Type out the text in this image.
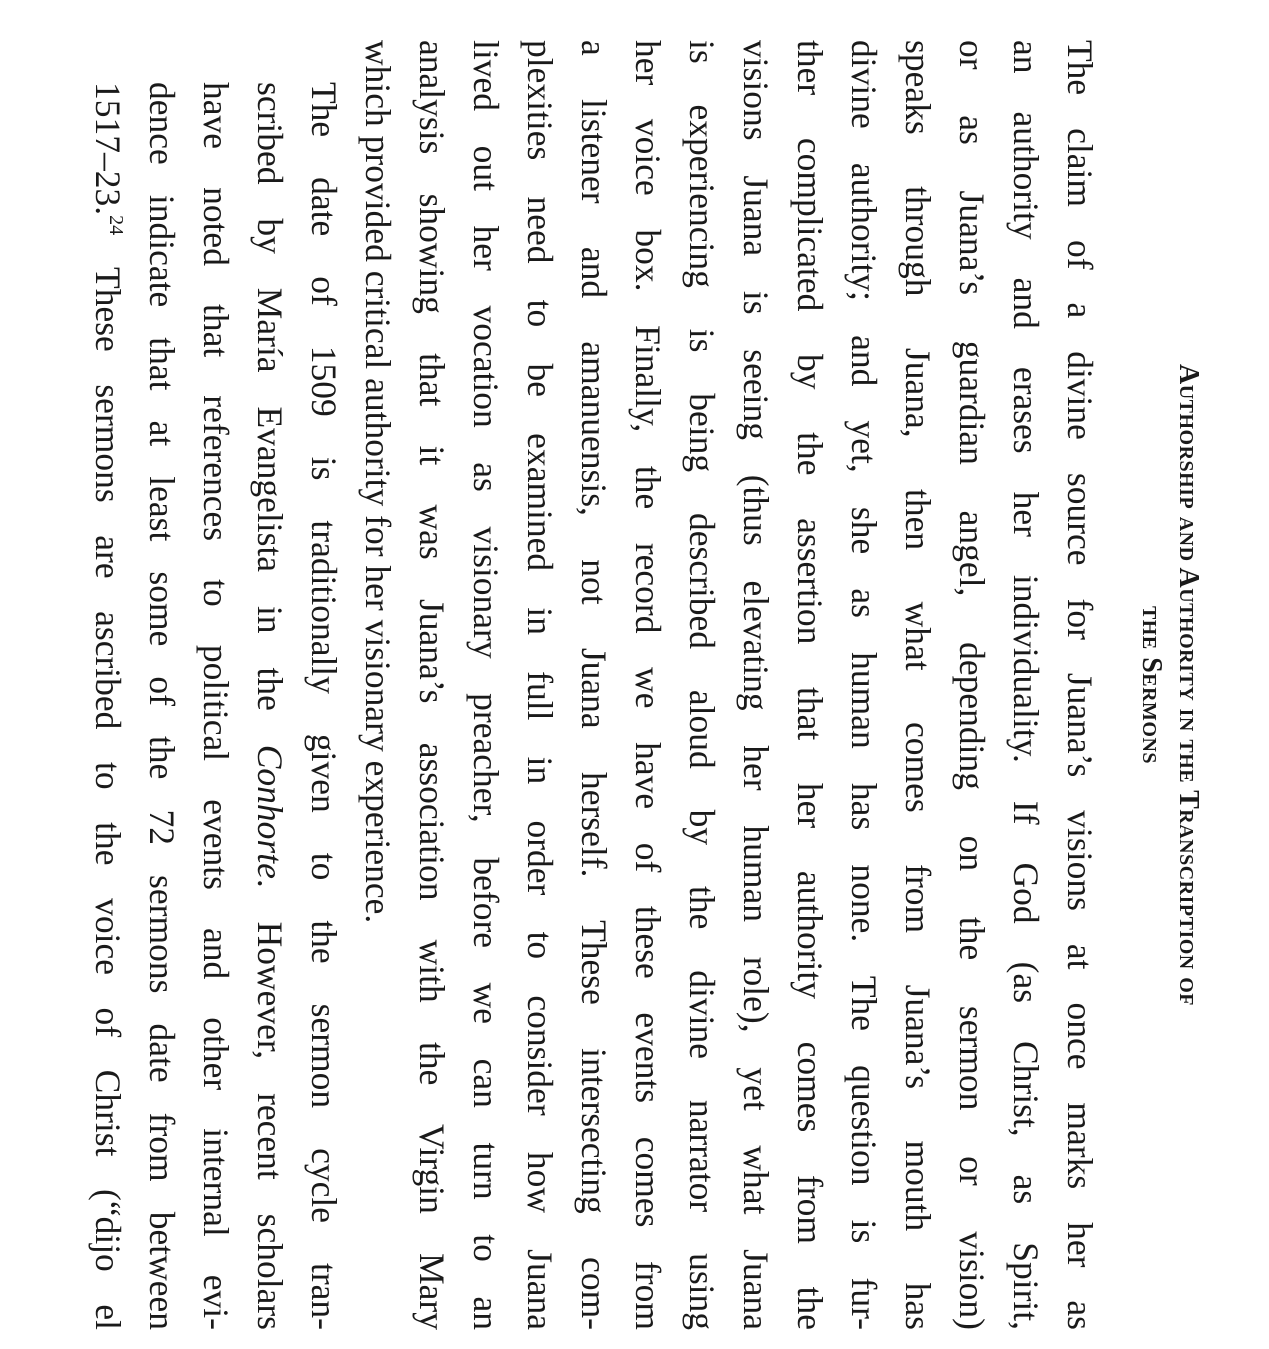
Authorship and Authority in the Transcription of
the Sermons

The claim of a divine source for Juana’s visions at once marks her as
an authority and erases her individuality. If God (as Christ, as Spirit,
or as Juana’s guardian angel, depending on the sermon or vision)
speaks through Juana, then what comes from Juana’s mouth has
divine authority; and yet, she as human has none. The question is fur-
ther complicated by the assertion that her authority comes from the
visions Juana is seeing (thus elevating her human role), yet what Juana
is experiencing is being described aloud by the divine narrator using
her voice box. Finally, the record we have of these events comes from
a listener and amanuensis, not Juana herself. These intersecting com-
plexities need to be examined in full in order to consider how Juana
lived out her vocation as visionary preacher, before we can turn to an
analysis showing that it was Juana’s association with the Virgin Mary
which provided critical authority for her visionary experience.

The date of 1509 is traditionally given to the sermon cycle tran-
scribed by María Evangelista in the Conhorte. However, recent scholars
have noted that references to political events and other internal evi-
dence indicate that at least some of the 72 sermons date from between
1517–23.24 These sermons are ascribed to the voice of Christ (“dijo el
